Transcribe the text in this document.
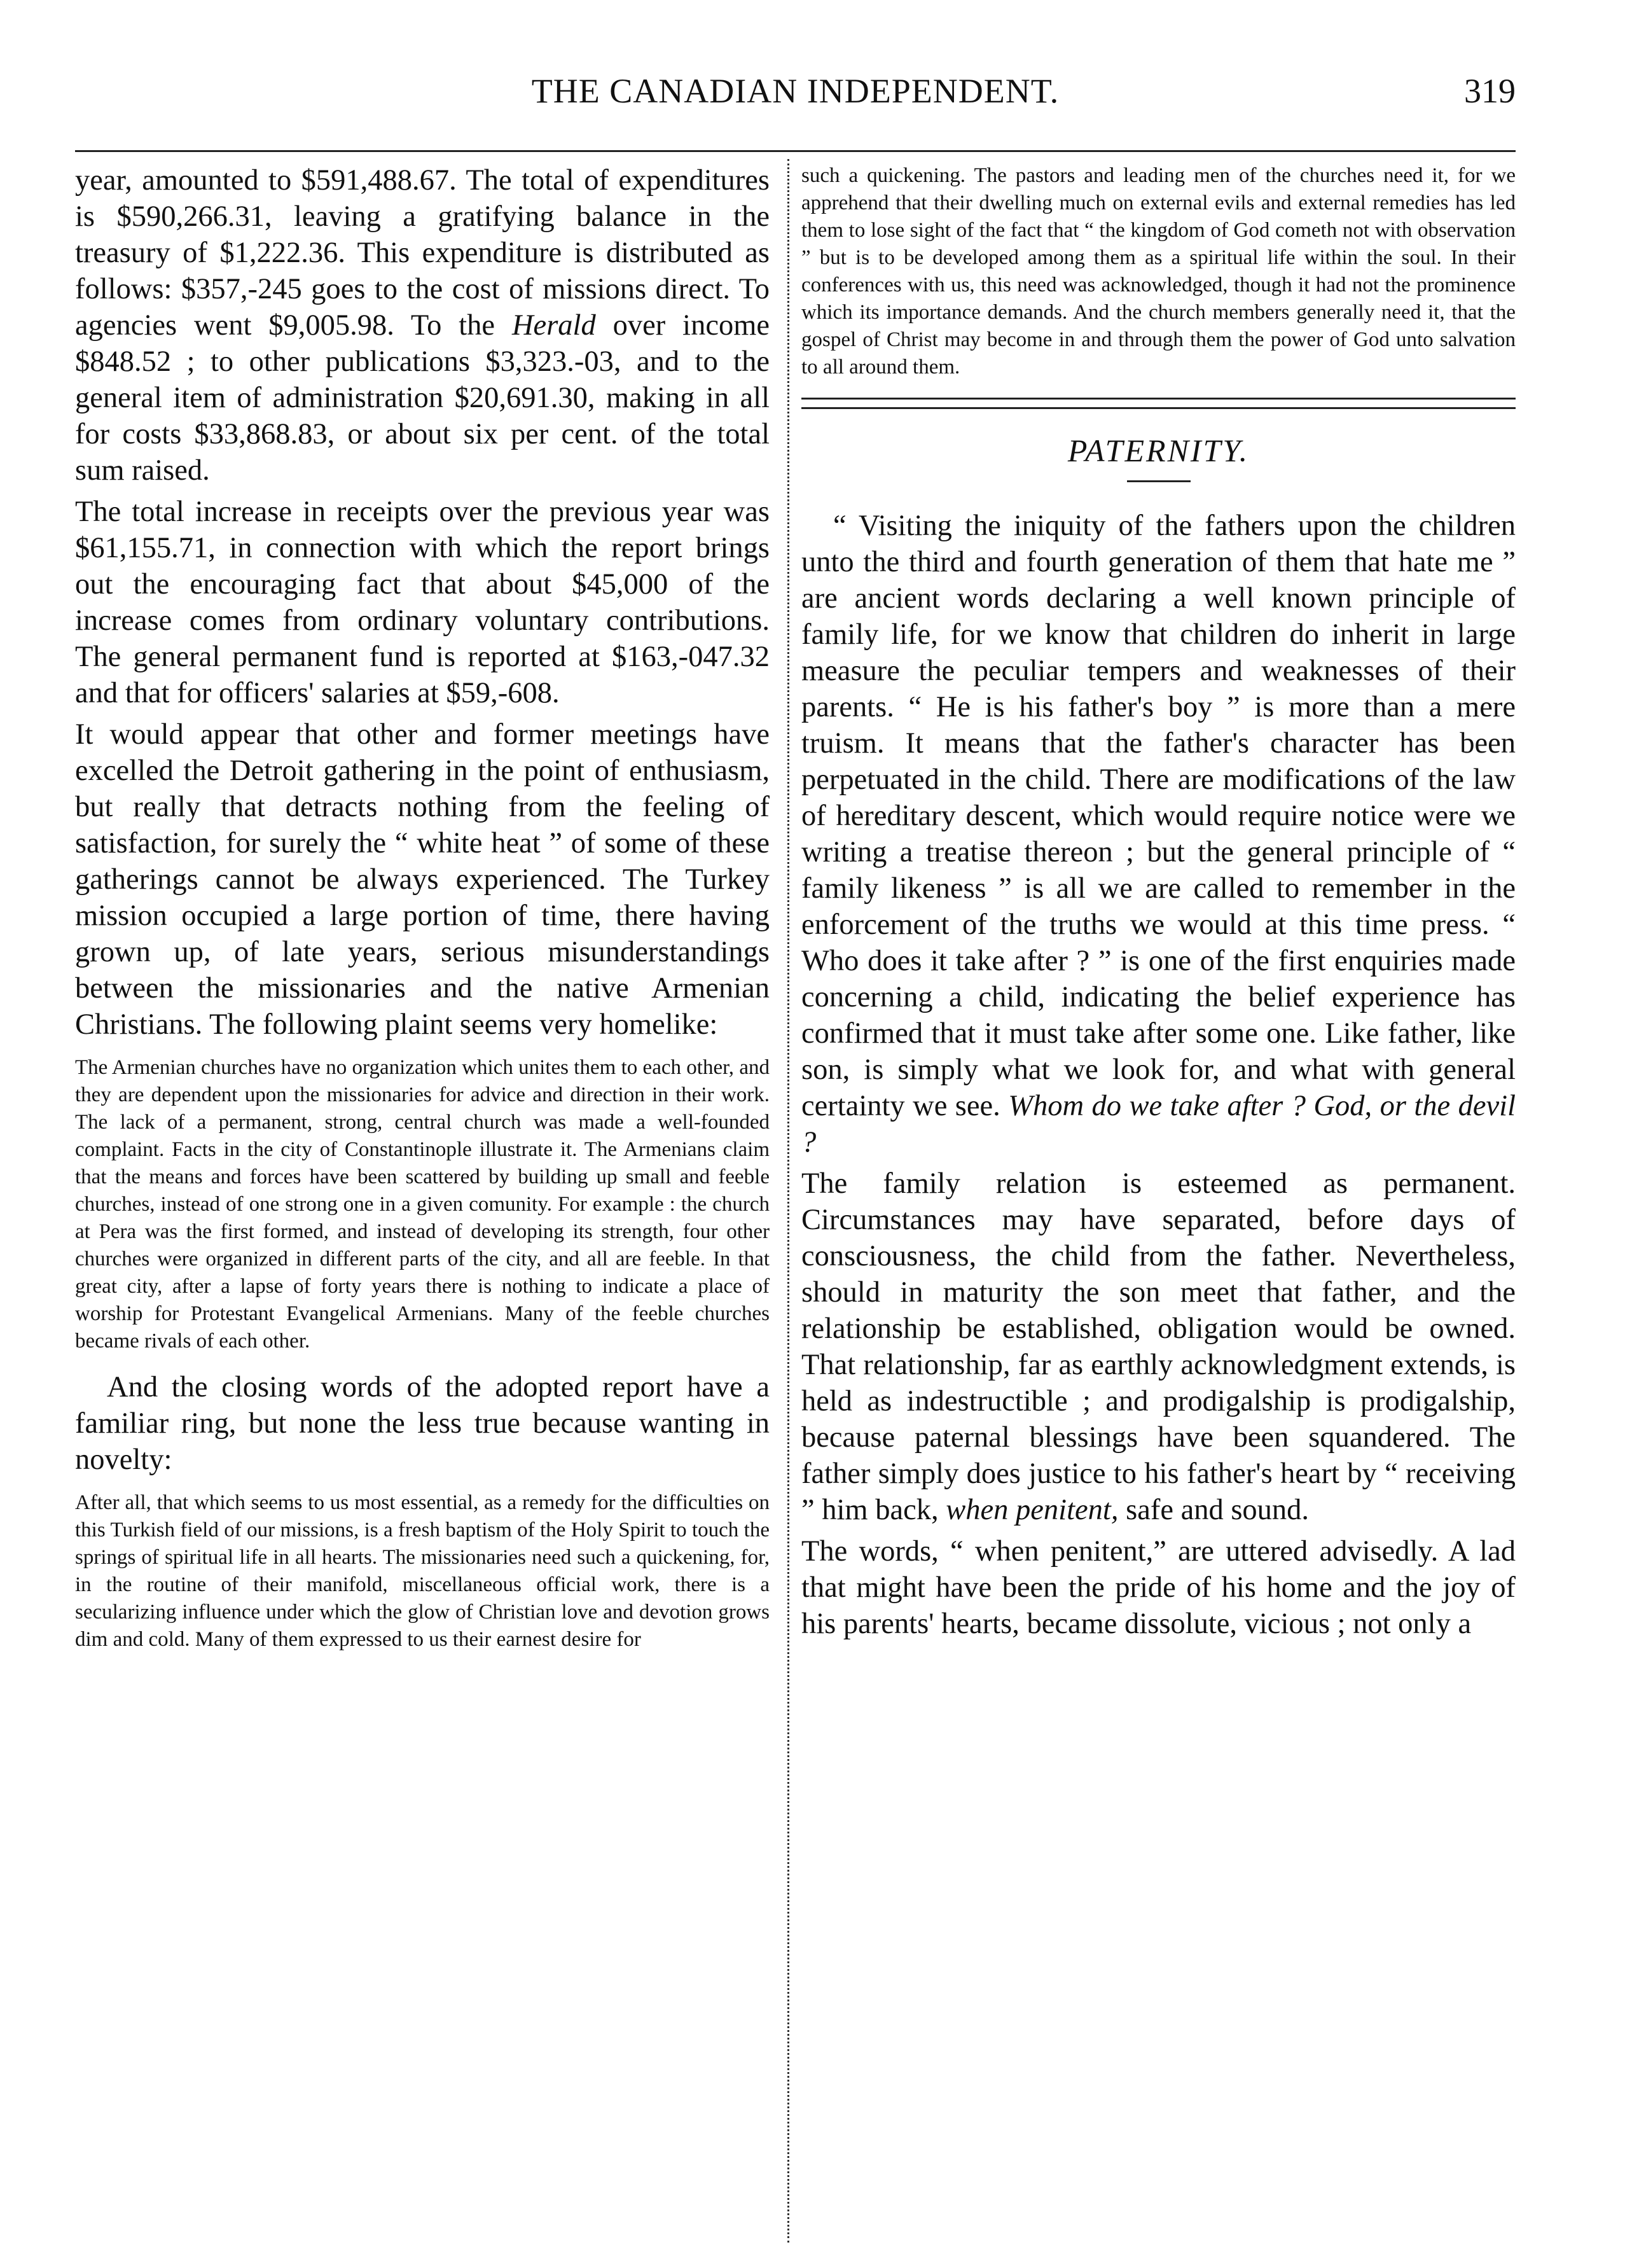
THE CANADIAN INDEPENDENT.	319

year, amounted to $591,488.67. The total of expenditures is $590,266.31, leaving a gratifying balance in the treasury of $1,222.36. This expenditure is distributed as follows: $357,-245 goes to the cost of missions direct. To agencies went $9,005.98. To the Herald over income $848.52 ; to other publications $3,323.-03, and to the general item of administration $20,691.30, making in all for costs $33,868.83, or about six per cent. of the total sum raised.

The total increase in receipts over the previous year was $61,155.71, in connection with which the report brings out the encouraging fact that about $45,000 of the increase comes from ordinary voluntary contributions. The general permanent fund is reported at $163,-047.32 and that for officers' salaries at $59,-608.

It would appear that other and former meetings have excelled the Detroit gathering in the point of enthusiasm, but really that detracts nothing from the feeling of satisfaction, for surely the “ white heat ” of some of these gatherings cannot be always experienced. The Turkey mission occupied a large portion of time, there having grown up, of late years, serious misunderstandings between the missionaries and the native Armenian Christians. The following plaint seems very homelike:

The Armenian churches have no organization which unites them to each other, and they are dependent upon the missionaries for advice and direction in their work. The lack of a permanent, strong, central church was made a well-founded complaint. Facts in the city of Constantinople illustrate it. The Armenians claim that the means and forces have been scattered by building up small and feeble churches, instead of one strong one in a given comunity. For example : the church at Pera was the first formed, and instead of developing its strength, four other churches were organized in different parts of the city, and all are feeble. In that great city, after a lapse of forty years there is nothing to indicate a place of worship for Protestant Evangelical Armenians. Many of the feeble churches became rivals of each other.

And the closing words of the adopted report have a familiar ring, but none the less true because wanting in novelty:

After all, that which seems to us most essential, as a remedy for the difficulties on this Turkish field of our missions, is a fresh baptism of the Holy Spirit to touch the springs of spiritual life in all hearts. The missionaries need such a quickening, for, in the routine of their manifold, miscellaneous official work, there is a secularizing influence under which the glow of Christian love and devotion grows dim and cold. Many of them expressed to us their earnest desire for

such a quickening. The pastors and leading men of the churches need it, for we apprehend that their dwelling much on external evils and external remedies has led them to lose sight of the fact that “ the kingdom of God cometh not with observation ” but is to be developed among them as a spiritual life within the soul. In their conferences with us, this need was acknowledged, though it had not the prominence which its importance demands. And the church members generally need it, that the gospel of Christ may become in and through them the power of God unto salvation to all around them.

PATERNITY.

“ Visiting the iniquity of the fathers upon the children unto the third and fourth generation of them that hate me ” are ancient words declaring a well known principle of family life, for we know that children do inherit in large measure the peculiar tempers and weaknesses of their parents. “ He is his father's boy ” is more than a mere truism. It means that the father's character has been perpetuated in the child. There are modifications of the law of hereditary descent, which would require notice were we writing a treatise thereon ; but the general principle of “ family likeness ” is all we are called to remember in the enforcement of the truths we would at this time press. “ Who does it take after ? ” is one of the first enquiries made concerning a child, indicating the belief experience has confirmed that it must take after some one. Like father, like son, is simply what we look for, and what with general certainty we see. Whom do we take after ? God, or the devil ?

The family relation is esteemed as permanent. Circumstances may have separated, before days of consciousness, the child from the father. Nevertheless, should in maturity the son meet that father, and the relationship be established, obligation would be owned. That relationship, far as earthly acknowledgment extends, is held as indestructible ; and prodigalship is prodigalship, because paternal blessings have been squandered. The father simply does justice to his father's heart by “ receiving ” him back, when penitent, safe and sound.

The words, “ when penitent,” are uttered advisedly. A lad that might have been the pride of his home and the joy of his parents' hearts, became dissolute, vicious ; not only a
